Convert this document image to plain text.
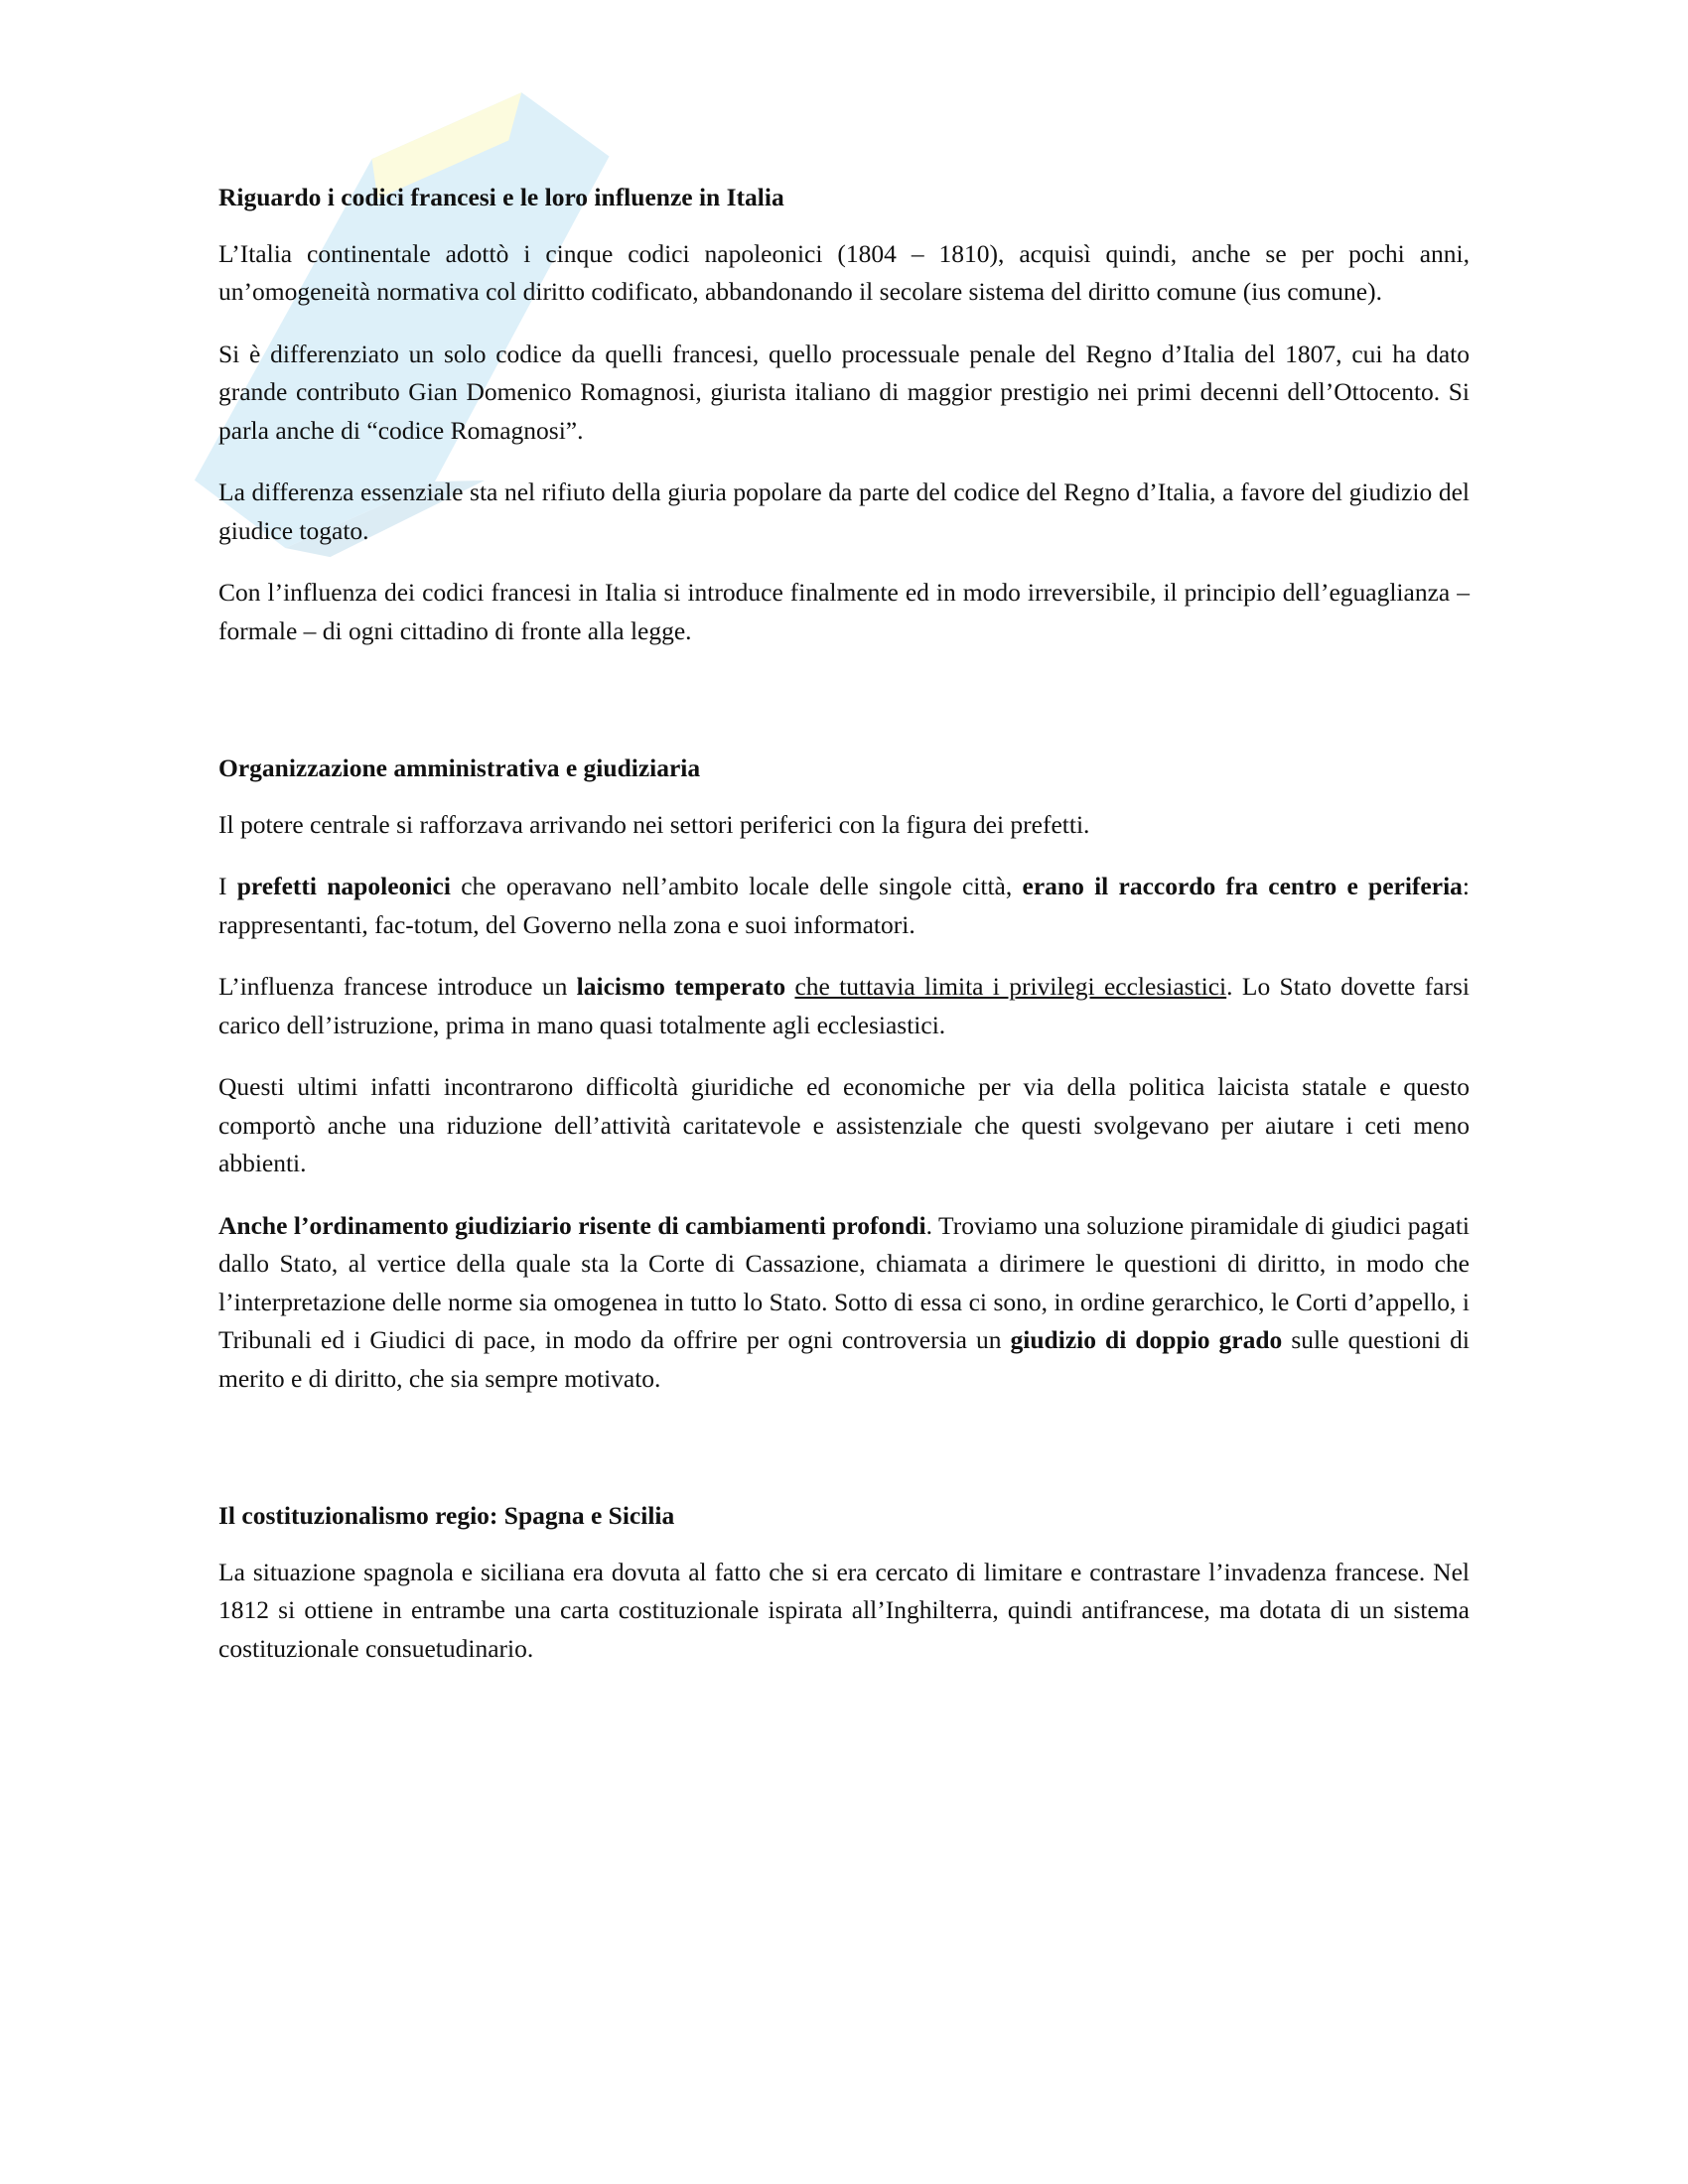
Riguardo i codici francesi e le loro influenze in Italia

L’Italia continentale adottò i cinque codici napoleonici (1804 – 1810), acquisì quindi, anche se per pochi anni, un’omogeneità normativa col diritto codificato, abbandonando il secolare sistema del diritto comune (ius comune).

Si è differenziato un solo codice da quelli francesi, quello processuale penale del Regno d’Italia del 1807, cui ha dato grande contributo Gian Domenico Romagnosi, giurista italiano di maggior prestigio nei primi decenni dell’Ottocento. Si parla anche di “codice Romagnosi”.

La differenza essenziale sta nel rifiuto della giuria popolare da parte del codice del Regno d’Italia, a favore del giudizio del giudice togato.

Con l’influenza dei codici francesi in Italia si introduce finalmente ed in modo irreversibile, il principio dell’eguaglianza – formale – di ogni cittadino di fronte alla legge.

Organizzazione amministrativa e giudiziaria

Il potere centrale si rafforzava arrivando nei settori periferici con la figura dei prefetti.

I prefetti napoleonici che operavano nell’ambito locale delle singole città, erano il raccordo fra centro e periferia: rappresentanti, fac-totum, del Governo nella zona e suoi informatori.

L’influenza francese introduce un laicismo temperato che tuttavia limita i privilegi ecclesiastici. Lo Stato dovette farsi carico dell’istruzione, prima in mano quasi totalmente agli ecclesiastici.

Questi ultimi infatti incontrarono difficoltà giuridiche ed economiche per via della politica laicista statale e questo comportò anche una riduzione dell’attività caritatevole e assistenziale che questi svolgevano per aiutare i ceti meno abbienti.

Anche l’ordinamento giudiziario risente di cambiamenti profondi. Troviamo una soluzione piramidale di giudici pagati dallo Stato, al vertice della quale sta la Corte di Cassazione, chiamata a dirimere le questioni di diritto, in modo che l’interpretazione delle norme sia omogenea in tutto lo Stato. Sotto di essa ci sono, in ordine gerarchico, le Corti d’appello, i Tribunali ed i Giudici di pace, in modo da offrire per ogni controversia un giudizio di doppio grado sulle questioni di merito e di diritto, che sia sempre motivato.

Il costituzionalismo regio: Spagna e Sicilia

La situazione spagnola e siciliana era dovuta al fatto che si era cercato di limitare e contrastare l’invadenza francese. Nel 1812 si ottiene in entrambe una carta costituzionale ispirata all’Inghilterra, quindi antifrancese, ma dotata di un sistema costituzionale consuetudinario.
